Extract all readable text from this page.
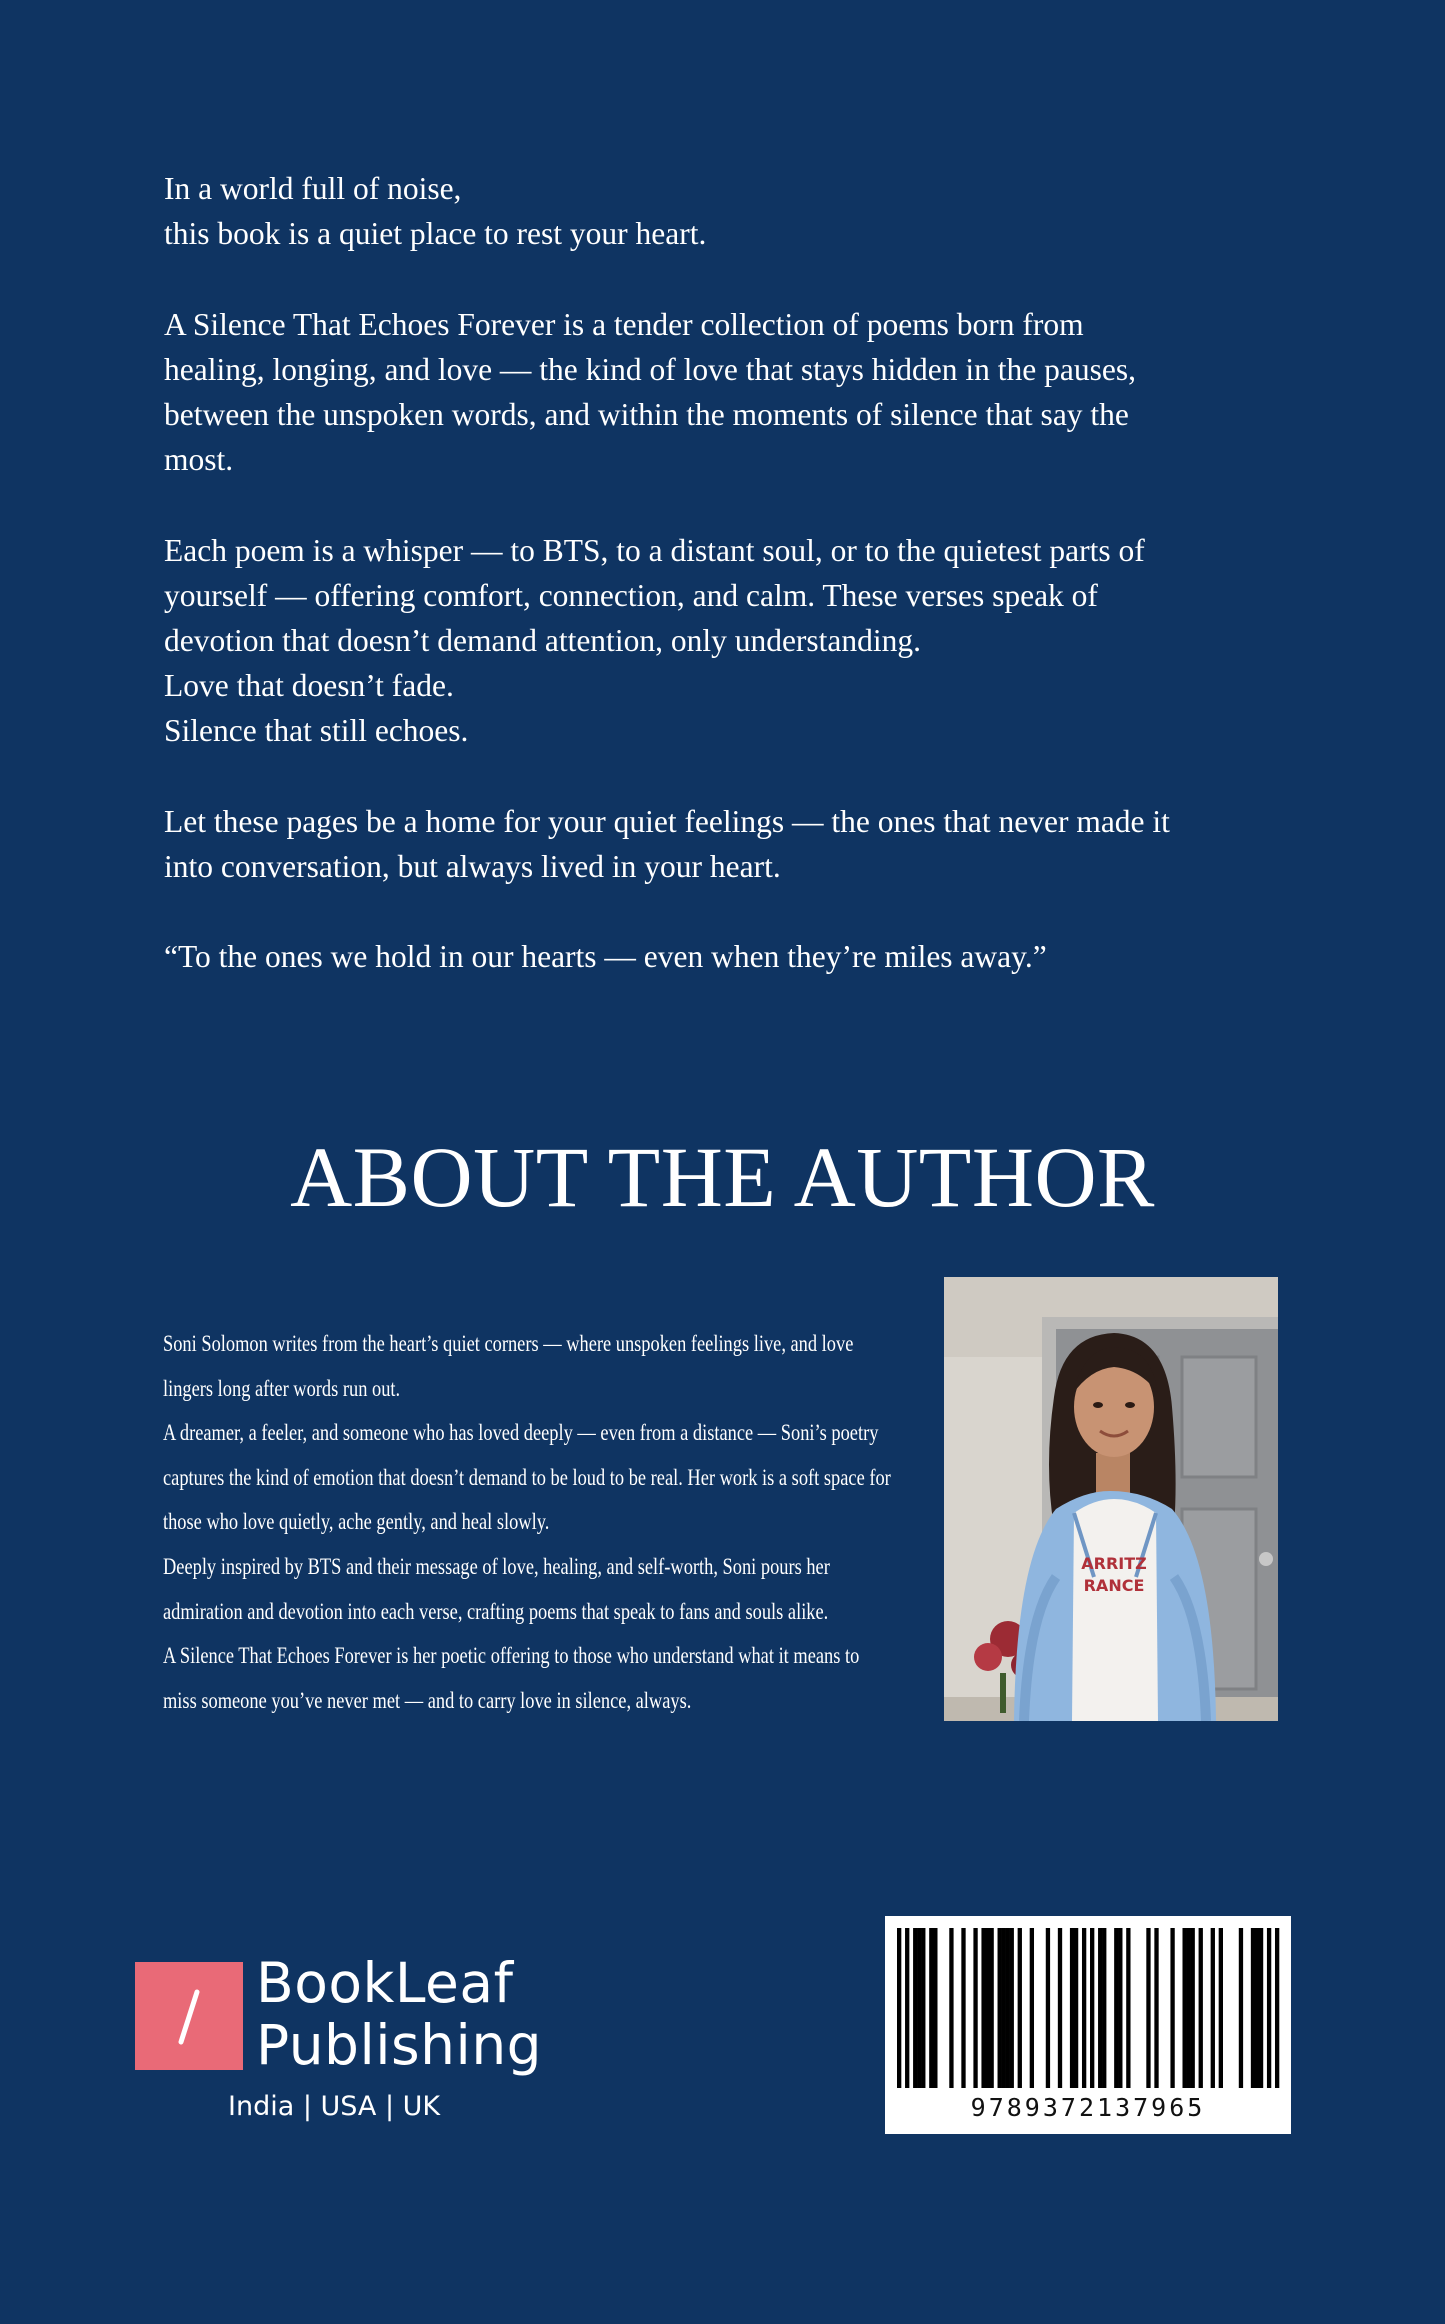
In a world full of noise,
this book is a quiet place to rest your heart.

A Silence That Echoes Forever is a tender collection of poems born from
healing, longing, and love — the kind of love that stays hidden in the pauses,
between the unspoken words, and within the moments of silence that say the
most.

Each poem is a whisper — to BTS, to a distant soul, or to the quietest parts of
yourself — offering comfort, connection, and calm. These verses speak of
devotion that doesn’t demand attention, only understanding.
Love that doesn’t fade.
Silence that still echoes.

Let these pages be a home for your quiet feelings — the ones that never made it
into conversation, but always lived in your heart.

“To the ones we hold in our hearts — even when they’re miles away.”

ABOUT THE AUTHOR
Soni Solomon writes from the heart’s quiet corners — where unspoken feelings live, and love
lingers long after words run out.
A dreamer, a feeler, and someone who has loved deeply — even from a distance — Soni’s poetry
captures the kind of emotion that doesn’t demand to be loud to be real. Her work is a soft space for
those who love quietly, ache gently, and heal slowly.
Deeply inspired by BTS and their message of love, healing, and self-worth, Soni pours her
admiration and devotion into each verse, crafting poems that speak to fans and souls alike.
A Silence That Echoes Forever is her poetic offering to those who understand what it means to
miss someone you’ve never met — and to carry love in silence, always.
ARRITZ
RANCE
BookLeaf
Publishing
India | USA | UK	9789372137965
